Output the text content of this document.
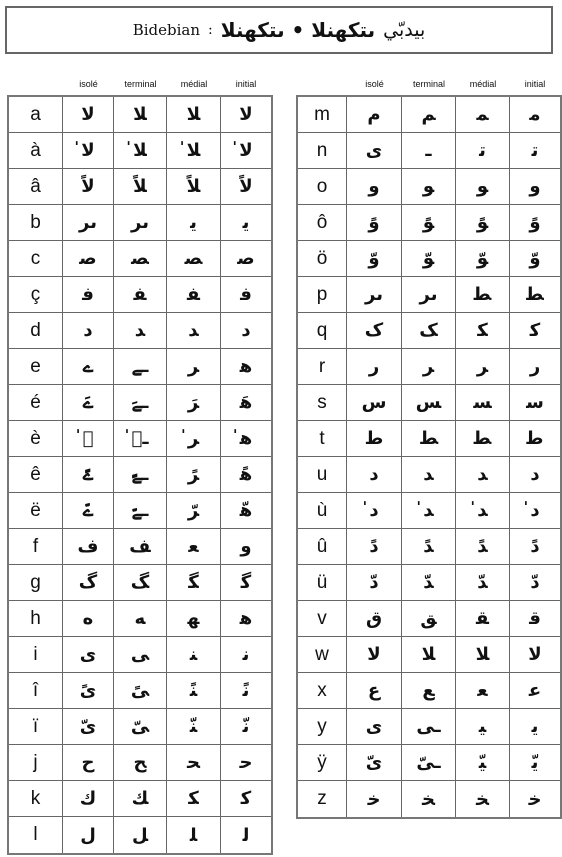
Bidebian : ىتكهنلا • ىتكهنلا بيدبّي
isolé	terminal	médial	initial	isolé	terminal	médial	initial
a	ﻻ	ﻼ	ﻼ	ﻻ
à	ﻻ̍	ﻼ̍	ﻼ̍	ﻻ̍
â	ﻻً	ﻼً	ﻼً	ﻻً
b	ىر	ىر	ﯾ	ﯾ
c	ﺻ	ﺼ	ﺼ	ﺻ
ç	ﻓ	ﻔ	ﻔ	ﻓ
d	ﺩ	ﺪ	ﺪ	ﺩ
e	ے	ـے	ﺮ	ﻫ
é	ےَ	ـےَ	ﺮَ	ﻫَ
è	ے̍	ـے̍	ﺮ̍	ﻫ̍
ê	ےً	ـےً	ﺮً	ﻫً
ë	ےّ	ـےّ	ﺮّ	ﻫّ
f	ﻑ	ﻒ	ﻌ	ﻭ
g	ﮒ	ﮓ	ﮕ	ﮔ
h	ه	ﻪ	ﻬ	ﻫ
i	ى	ﻰ	ﻨ	ﻧ
î	ىً	ﻰً	ﻨً	ﻧً
ï	ىّ	ﻰّ	ﻨّ	ﻧّ
j	ﺡ	ﺢ	ﺤ	ﺣ
k	ﻙ	ﻚ	ﻜ	ﻛ
l	ﻝ	ﻞ	ﻠ	ﻟ
m	ﻡ	ﻢ	ﻤ	ﻣ
n	ى	ـ	ﺗ	ﺗ
o	ﻭ	ﻮ	ﻮ	ﻭ
ô	ﻭً	ﻮً	ﻮً	ﻭً
ö	ﻭّ	ﻮّ	ﻮّ	ﻭّ
p	ىر	ىر	ﻄ	ﻄ
q	ﮎ	ﮏ	ﮑ	ﮐ
r	ﺭ	ﺮ	ﺮ	ﺭ
s	ﺱ	ﺲ	ﺴ	ﺳ
t	ﻁ	ﻂ	ﻄ	ﻃ
u	ﺩ	ﺪ	ﺪ	ﺩ
ù	ﺩ̍	ﺪ̍	ﺪ̍	ﺩ̍
û	ﺩً	ﺪً	ﺪً	ﺩً
ü	ﺩّ	ﺪّ	ﺪّ	ﺩّ
v	ﻕ	ﻖ	ﻘ	ﻗ
w	ﻻ	ﻼ	ﻼ	ﻻ
x	ﻉ	ﻊ	ﻌ	ﻋ
y	ى	ـى	ﻴ	ﻳ
ÿ	ىّ	ـىّ	ﻴّ	ﻳّ
z	ﺧ	ﺨ	ﺨ	ﺧ
